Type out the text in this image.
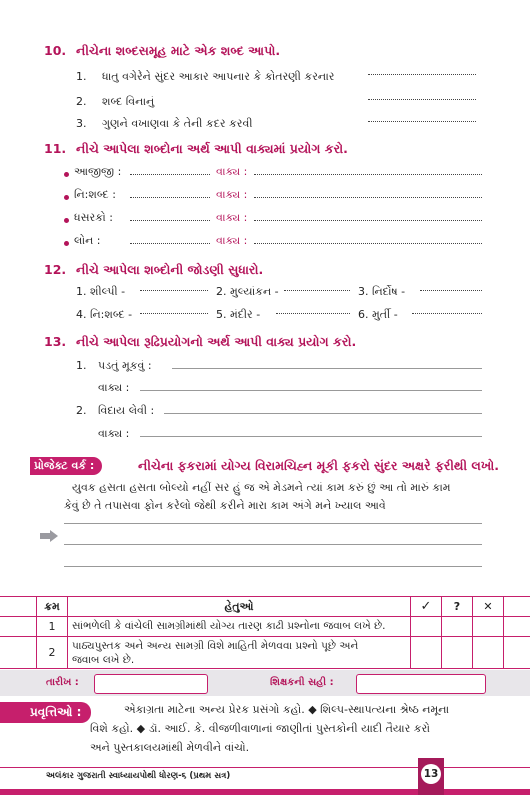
10. નીચેના શબ્દસમૂહ માટે એક શબ્દ આપો.
1. ધાતુ વગેરેને સુંદર આકાર આપનાર કે કોતરણી કરનાર
2. શબ્દ વિનાનું
3. ગુણને વખાણવા કે તેની કદર કરવી
11. નીચે આપેલા શબ્દોના અર્થ આપી વાક્યમાં પ્રયોગ કરો.
આજીજી :	વાક્ય :
નિ:શબ્દ :	વાક્ય :
ધસરકો :	વાક્ય :
લોન :	વાક્ય :
12. નીચે આપેલા શબ્દોની જોડણી સુધારો.
1. શીલ્પી -	2. મુલ્યાંકન -	3. નિર્દોષ -
4. નિ:શબ્દ -	5. મંદીર -	6. મુર્તી -
13. નીચે આપેલા રૂઢિપ્રયોગનો અર્થ આપી વાક્ય પ્રયોગ કરો.
1. પડતું મૂકવું :
વાક્ય :
2. વિદાય લેવી :
વાક્ય :
પ્રોજેક્ટ વર્ક :	નીચેના ફકરામાં યોગ્ય વિરામચિહ્ન મૂકી ફકરો સુંદર અક્ષરે ફરીથી લખો.
યુવક હસતા હસતા બોલ્યો નહીં સર હું જ એ મેડમને ત્યાં કામ કરું છું આ તો મારું કામ
કેવું છે તે તપાસવા ફોન કરેલો જેથી કરીને મારા કામ અંગે મને ખ્યાલ આવે
	ક્રમ	હેતુઓ	✓	?	✕	
	1	સાંભળેલી કે વાંચેલી સામગ્રીમાંથી યોગ્ય તારણ કાઢી પ્રશ્નોના જવાબ લખે છે.				
	2	પાઠ્યપુસ્તક અને અન્ય સામગ્રી વિશે માહિતી મેળવવા પ્રશ્નો પૂછે અને
જવાબ લખે છે.				

તારીખ :	શિક્ષકની સહી :
પ્રવૃત્તિઓ :	એકાગ્રતા માટેના અન્ય પ્રેરક પ્રસંગો કહો. ◆ શિલ્પ-સ્થાપત્યના શ્રેષ્ઠ નમૂના
વિશે કહો. ◆ ડૉ. આઈ. કે. વીજળીવાળાનાં જાણીતાં પુસ્તકોની યાદી તૈયાર કરો
અને પુસ્તકાલયમાંથી મેળવીને વાંચો.
અલંકાર ગુજરાતી સ્વાધ્યાયપોથી ધોરણ-૬ (પ્રથમ સત્ર)	13
